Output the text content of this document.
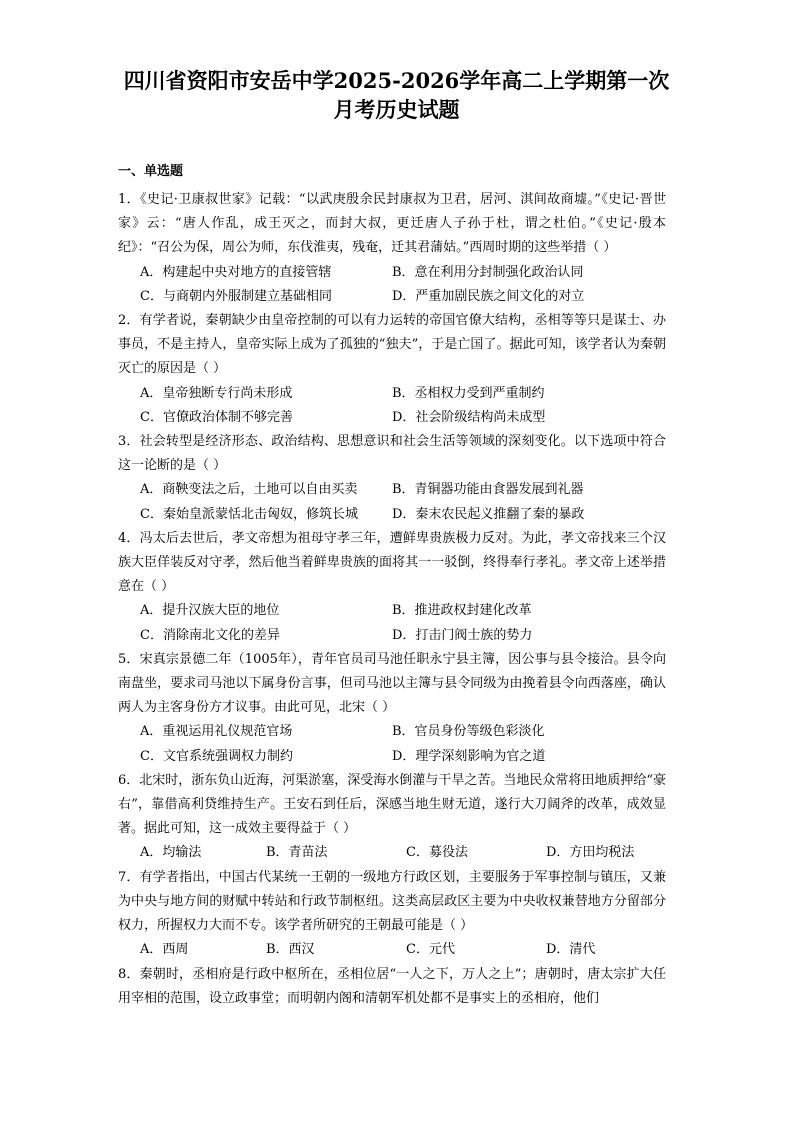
四川省资阳市安岳中学2025-2026学年高二上学期第一次
月考历史试题
一、单选题

1．《史记·卫康叔世家》记载：“以武庚殷余民封康叔为卫君，居河、淇间故商墟。”《史记·晋世家》云：“唐人作乱，成王灭之，而封大叔，更迁唐人子孙于杜，谓之杜伯。”《史记·殷本纪》：“召公为保，周公为师，东伐淮夷，残奄，迁其君蒲姑。”西周时期的这些举措（ ）

A．构建起中央对地方的直接管辖	B．意在利用分封制强化政治认同
C．与商朝内外服制建立基础相同	D．严重加剧民族之间文化的对立

2．有学者说，秦朝缺少由皇帝控制的可以有力运转的帝国官僚大结构，丞相等等只是谋士、办事员，不是主持人，皇帝实际上成为了孤独的“独夫”，于是亡国了。据此可知，该学者认为秦朝灭亡的原因是（ ）

A．皇帝独断专行尚未形成	B．丞相权力受到严重制约
C．官僚政治体制不够完善	D．社会阶级结构尚未成型

3．社会转型是经济形态、政治结构、思想意识和社会生活等领域的深刻变化。以下选项中符合这一论断的是（ ）

A．商鞅变法之后，土地可以自由买卖	B．青铜器功能由食器发展到礼器
C．秦始皇派蒙恬北击匈奴，修筑长城	D．秦末农民起义推翻了秦的暴政

4．冯太后去世后，孝文帝想为祖母守孝三年，遭鲜卑贵族极力反对。为此，孝文帝找来三个汉族大臣佯装反对守孝，然后他当着鲜卑贵族的面将其一一驳倒，终得奉行孝礼。孝文帝上述举措意在（ ）

A．提升汉族大臣的地位	B．推进政权封建化改革
C．消除南北文化的差异	D．打击门阀士族的势力

5．宋真宗景德二年（1005年），青年官员司马池任职永宁县主簿，因公事与县令接洽。县令向南盘坐，要求司马池以下属身份言事，但司马池以主簿与县令同级为由挽着县令向西落座，确认两人为主客身份方才议事。由此可见，北宋（ ）

A．重视运用礼仪规范官场	B．官员身份等级色彩淡化
C．文官系统强调权力制约	D．理学深刻影响为官之道

6．北宋时，浙东负山近海，河渠淤塞，深受海水倒灌与干旱之苦。当地民众常将田地质押给“豪右”，靠借高利贷维持生产。王安石到任后，深感当地生财无道，遂行大刀阔斧的改革，成效显著。据此可知，这一成效主要得益于（ ）

A．均输法	B．青苗法	C．募役法	D．方田均税法

7．有学者指出，中国古代某统一王朝的一级地方行政区划，主要服务于军事控制与镇压，又兼为中央与地方间的财赋中转站和行政节制枢纽。这类高层政区主要为中央收权兼替地方分留部分权力，所握权力大而不专。该学者所研究的王朝最可能是（ ）

A．西周	B．西汉	C．元代	D．清代

8．秦朝时，丞相府是行政中枢所在，丞相位居“一人之下，万人之上”；唐朝时，唐太宗扩大任用宰相的范围，设立政事堂；而明朝内阁和清朝军机处都不是事实上的丞相府，他们
